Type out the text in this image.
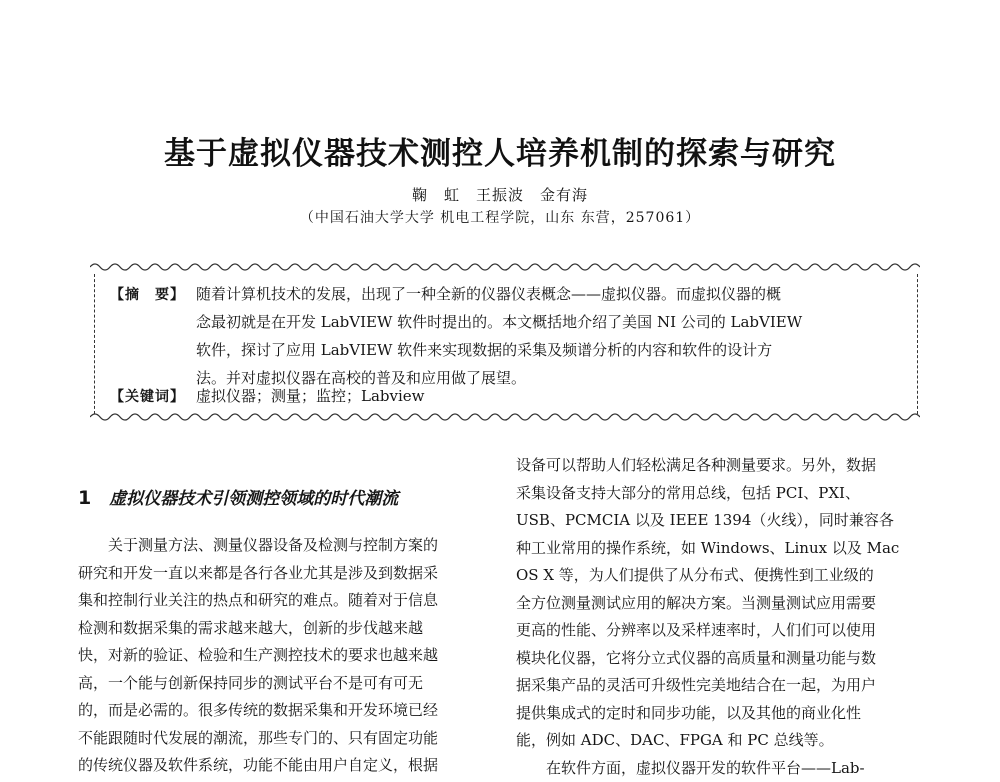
基于虚拟仪器技术测控人培养机制的探索与研究
鞠　虹　王振波　金有海
（中国石油大学大学 机电工程学院，山东 东营，257061）
【摘　要】 随着计算机技术的发展，出现了一种全新的仪器仪表概念——虚拟仪器。而虚拟仪器的概
念最初就是在开发 LabVIEW 软件时提出的。本文概括地介绍了美国 NI 公司的 LabVIEW
软件，探讨了应用 LabVIEW 软件来实现数据的采集及频谱分析的内容和软件的设计方
法。并对虚拟仪器在高校的普及和应用做了展望。
【关键词】 虚拟仪器；测量；监控；Labview
1 虚拟仪器技术引领测控领域的时代潮流
　　关于测量方法、测量仪器设备及检测与控制方案的
研究和开发一直以来都是各行各业尤其是涉及到数据采
集和控制行业关注的热点和研究的难点。随着对于信息
检测和数据采集的需求越来越大，创新的步伐越来越
快，对新的验证、检验和生产测控技术的要求也越来越
高，一个能与创新保持同步的测试平台不是可有可无
的，而是必需的。很多传统的数据采集和开发环境已经
不能跟随时代发展的潮流，那些专门的、只有固定功能
的传统仪器及软件系统，功能不能由用户自定义，根据
设备可以帮助人们轻松满足各种测量要求。另外，数据
采集设备支持大部分的常用总线，包括 PCI、PXI、
USB、PCMCIA 以及 IEEE 1394（火线），同时兼容各
种工业常用的操作系统，如 Windows、Linux 以及 Mac
OS X 等，为人们提供了从分布式、便携性到工业级的
全方位测量测试应用的解决方案。当测量测试应用需要
更高的性能、分辨率以及采样速率时，人们们可以使用
模块化仪器，它将分立式仪器的高质量和测量功能与数
据采集产品的灵活可升级性完美地结合在一起，为用户
提供集成式的定时和同步功能，以及其他的商业化性
能，例如 ADC、DAC、FPGA 和 PC 总线等。
　　在软件方面，虚拟仪器开发的软件平台——Lab-
